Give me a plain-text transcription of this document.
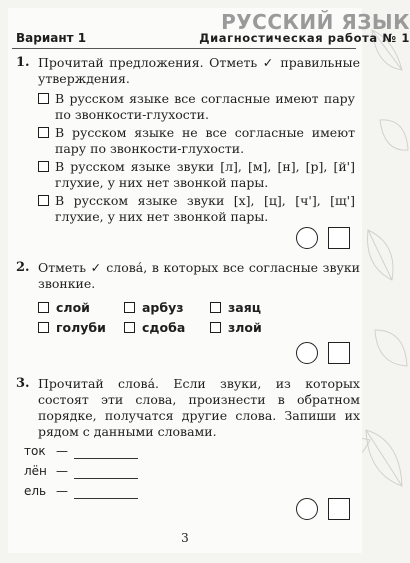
Вариант 1
РУССКИЙ ЯЗЫК
Диагностическая работа № 1
1. Прочитай предложения. Отметь ✓ правильные утверждения.
В русском языке все согласные имеют пару по звонкости-глухости.
В русском языке не все согласные имеют пару по звонкости-глухости.
В русском языке звуки [л], [м], [н], [р], [й'] глухие, у них нет звонкой пары.
В русском языке звуки [х], [ц], [ч'], [щ'] глухие, у них нет звонкой пары.
2. Отметь ✓ слова́, в которых все согласные звуки звонкие.
слой	арбуз	заяц
голуби	сдоба	злой
3. Прочитай слова́. Если звуки, из которых состоят эти слова, произнести в обратном порядке, получатся другие слова. Запиши их рядом с данными словами.
ток —
лён —
ель —
3
